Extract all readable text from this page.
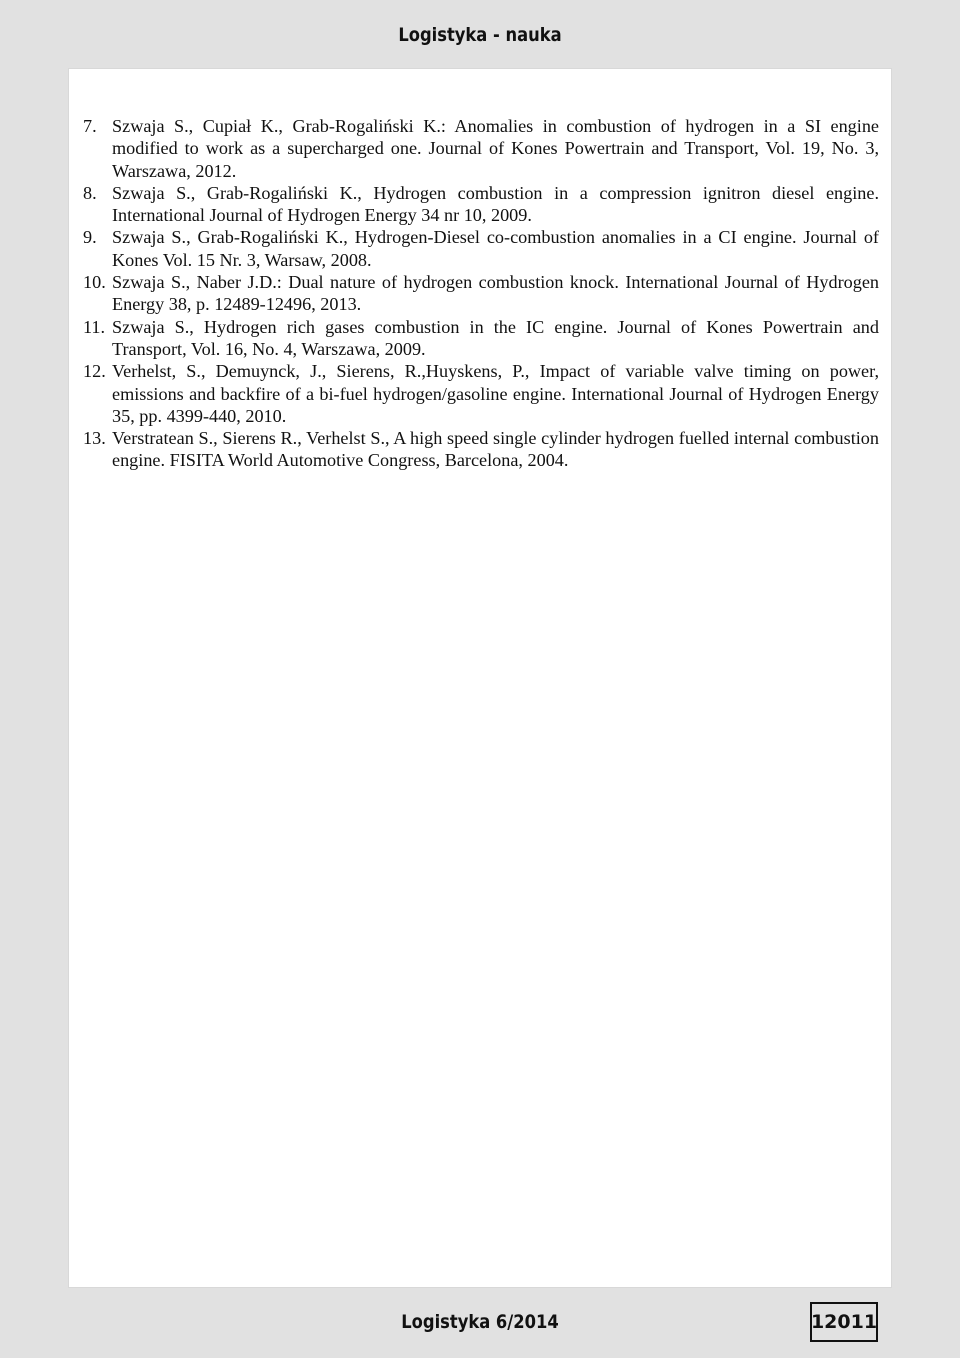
Logistyka - nauka
7. Szwaja S., Cupiał K., Grab-Rogaliński K.: Anomalies in combustion of hydrogen in a SI engine modified to work as a supercharged one. Journal of Kones Powertrain and Transport, Vol. 19, No. 3, Warszawa, 2012.
8. Szwaja S., Grab-Rogaliński K., Hydrogen combustion in a compression ignitron diesel engine. International Journal of Hydrogen Energy 34 nr 10, 2009.
9. Szwaja S., Grab-Rogaliński K., Hydrogen-Diesel co-combustion anomalies in a CI engine. Journal of Kones Vol. 15 Nr. 3, Warsaw, 2008.
10. Szwaja S., Naber J.D.: Dual nature of hydrogen combustion knock. International Journal of Hydrogen Energy 38, p. 12489-12496, 2013.
11. Szwaja S., Hydrogen rich gases combustion in the IC engine. Journal of Kones Powertrain and Transport, Vol. 16, No. 4, Warszawa, 2009.
12. Verhelst, S., Demuynck, J., Sierens, R.,Huyskens, P., Impact of variable valve timing on power, emissions and backfire of a bi-fuel hydrogen/gasoline engine. International Journal of Hydrogen Energy 35, pp. 4399-440, 2010.
13. Verstratean S., Sierens R., Verhelst S., A high speed single cylinder hydrogen fuelled internal combustion engine. FISITA World Automotive Congress, Barcelona, 2004.
Logistyka 6/2014	12011
